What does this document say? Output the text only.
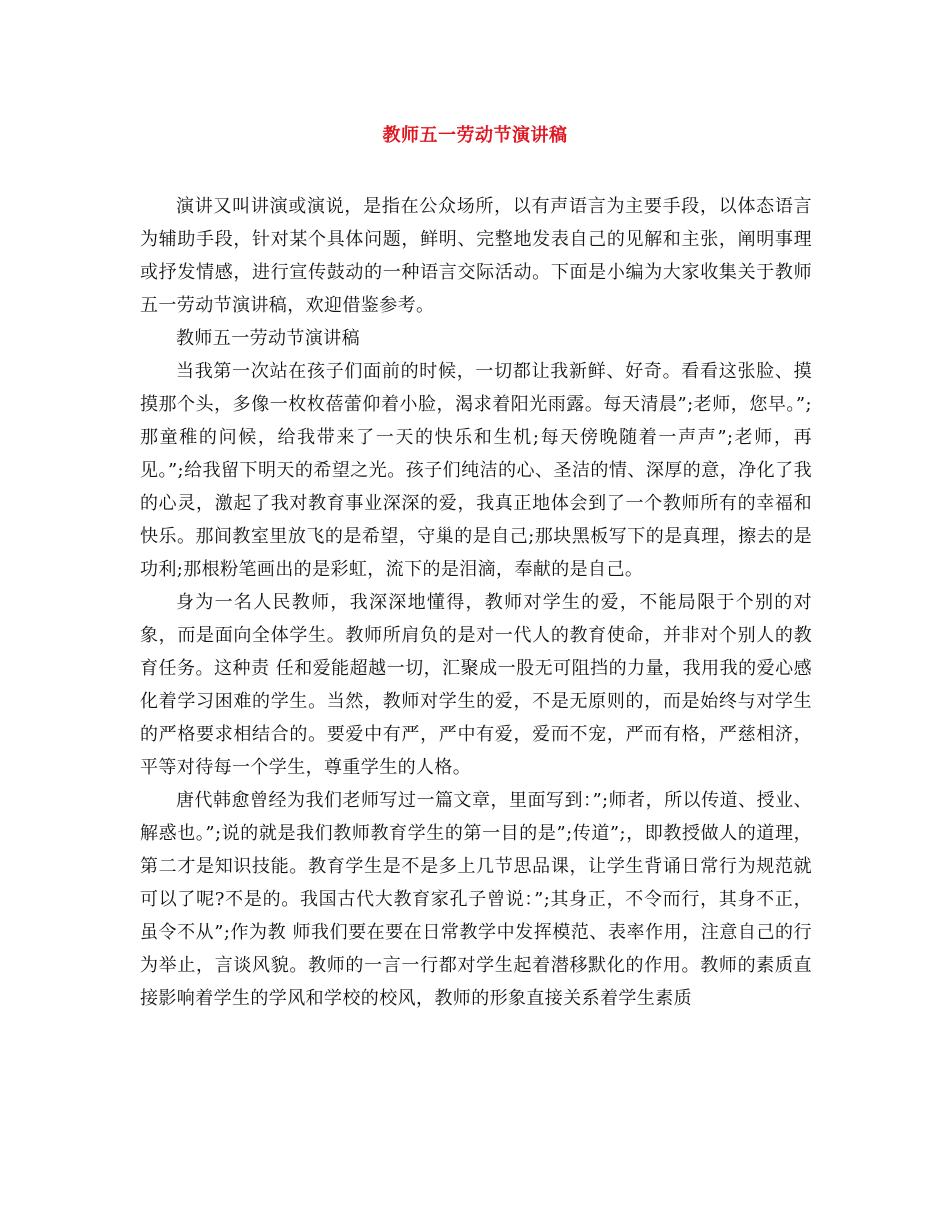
教师五一劳动节演讲稿

演讲又叫讲演或演说，是指在公众场所，以有声语言为主要手段，以体态语言为辅助手段，针对某个具体问题，鲜明、完整地发表自己的见解和主张，阐明事理或抒发情感，进行宣传鼓动的一种语言交际活动。下面是小编为大家收集关于教师五一劳动节演讲稿，欢迎借鉴参考。

教师五一劳动节演讲稿

当我第一次站在孩子们面前的时候，一切都让我新鲜、好奇。看看这张脸、摸摸那个头，多像一枚枚蓓蕾仰着小脸，渴求着阳光雨露。每天清晨”;老师，您早。”;那童稚的问候，给我带来了一天的快乐和生机;每天傍晚随着一声声”;老师，再见。”;给我留下明天的希望之光。孩子们纯洁的心、圣洁的情、深厚的意，净化了我的心灵，激起了我对教育事业深深的爱，我真正地体会到了一个教师所有的幸福和快乐。那间教室里放飞的是希望，守巢的是自己;那块黑板写下的是真理，擦去的是功利;那根粉笔画出的是彩虹，流下的是泪滴，奉献的是自己。

身为一名人民教师，我深深地懂得，教师对学生的爱，不能局限于个别的对象，而是面向全体学生。教师所肩负的是对一代人的教育使命，并非对个别人的教育任务。这种责 任和爱能超越一切，汇聚成一股无可阻挡的力量，我用我的爱心感化着学习困难的学生。当然，教师对学生的爱，不是无原则的，而是始终与对学生的严格要求相结合的。要爱中有严，严中有爱，爱而不宠，严而有格，严慈相济，平等对待每一个学生，尊重学生的人格。

唐代韩愈曾经为我们老师写过一篇文章，里面写到：”;师者，所以传道、授业、解惑也。”;说的就是我们教师教育学生的第一目的是”;传道”;，即教授做人的道理，第二才是知识技能。教育学生是不是多上几节思品课，让学生背诵日常行为规范就可以了呢?不是的。我国古代大教育家孔子曾说：”;其身正，不令而行，其身不正，虽令不从”;作为教 师我们要在要在日常教学中发挥模范、表率作用，注意自己的行为举止，言谈风貌。教师的一言一行都对学生起着潜移默化的作用。教师的素质直接影响着学生的学风和学校的校风，教师的形象直接关系着学生素质
